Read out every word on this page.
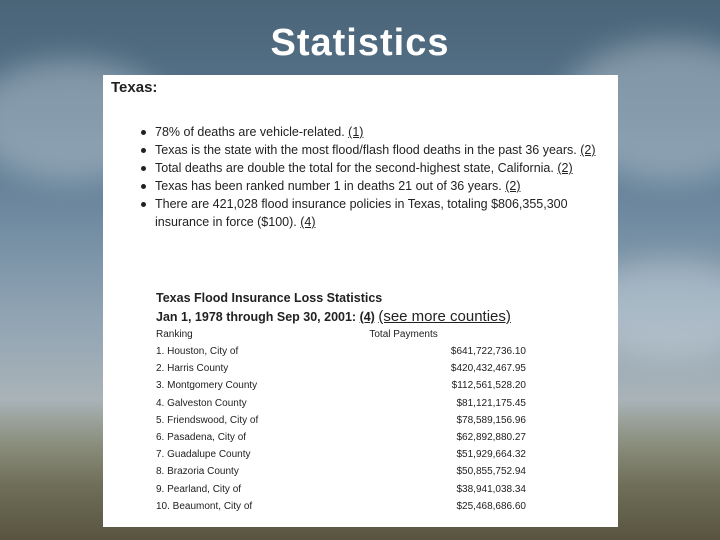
Statistics
Texas:
78% of deaths are vehicle-related. (1)
Texas is the state with the most flood/flash flood deaths in the past 36 years. (2)
Total deaths are double the total for the second-highest state, California. (2)
Texas has been ranked number 1 in deaths 21 out of 36 years. (2)
There are 421,028 flood insurance policies in Texas, totaling $806,355,300 insurance in force ($100). (4)
Texas Flood Insurance Loss Statistics
Jan 1, 1978 through Sep 30, 2001: (4) (see more counties)
Ranking	Total Payments
1. Houston, City of	$641,722,736.10
2. Harris County	$420,432,467.95
3. Montgomery County	$112,561,528.20
4. Galveston County	$81,121,175.45
5. Friendswood, City of	$78,589,156.96
6. Pasadena, City of	$62,892,880.27
7. Guadalupe County	$51,929,664.32
8. Brazoria County	$50,855,752.94
9. Pearland, City of	$38,941,038.34
10. Beaumont, City of	$25,468,686.60
